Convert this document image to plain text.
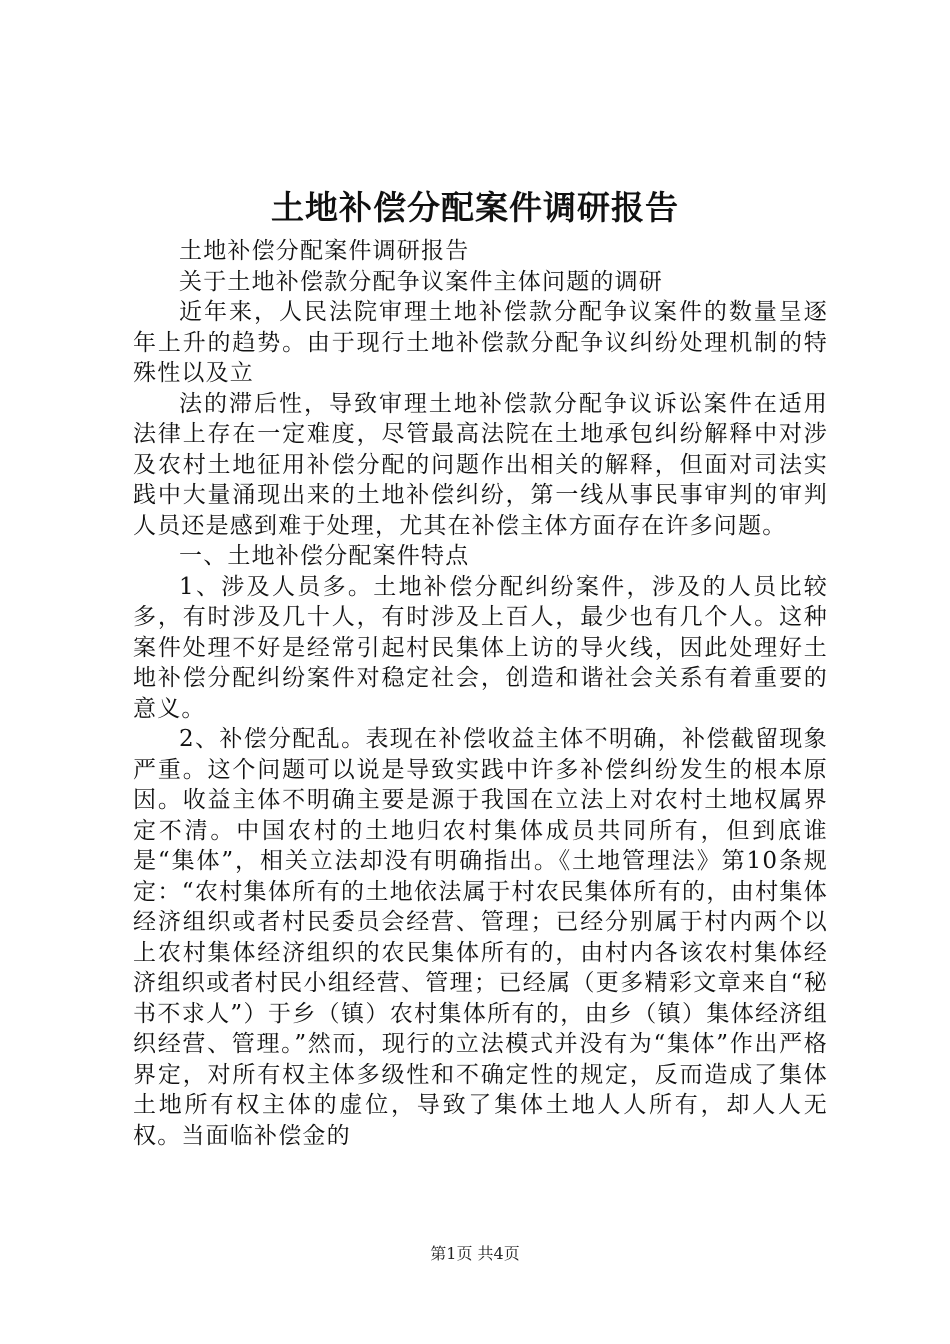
土地补偿分配案件调研报告

土地补偿分配案件调研报告

关于土地补偿款分配争议案件主体问题的调研

近年来，人民法院审理土地补偿款分配争议案件的数量呈逐年上升的趋势。由于现行土地补偿款分配争议纠纷处理机制的特殊性以及立

法的滞后性，导致审理土地补偿款分配争议诉讼案件在适用法律上存在一定难度，尽管最高法院在土地承包纠纷解释中对涉及农村土地征用补偿分配的问题作出相关的解释，但面对司法实践中大量涌现出来的土地补偿纠纷，第一线从事民事审判的审判人员还是感到难于处理，尤其在补偿主体方面存在许多问题。

一、土地补偿分配案件特点

1、涉及人员多。土地补偿分配纠纷案件，涉及的人员比较多，有时涉及几十人，有时涉及上百人，最少也有几个人。这种案件处理不好是经常引起村民集体上访的导火线，因此处理好土地补偿分配纠纷案件对稳定社会，创造和谐社会关系有着重要的意义。

2、补偿分配乱。表现在补偿收益主体不明确，补偿截留现象严重。这个问题可以说是导致实践中许多补偿纠纷发生的根本原因。收益主体不明确主要是源于我国在立法上对农村土地权属界定不清。中国农村的土地归农村集体成员共同所有，但到底谁是“集体”，相关立法却没有明确指出。《土地管理法》第10条规定：“农村集体所有的土地依法属于村农民集体所有的，由村集体经济组织或者村民委员会经营、管理；已经分别属于村内两个以上农村集体经济组织的农民集体所有的，由村内各该农村集体经济组织或者村民小组经营、管理；已经属（更多精彩文章来自“秘书不求人”）于乡（镇）农村集体所有的，由乡（镇）集体经济组织经营、管理。”然而，现行的立法模式并没有为“集体”作出严格界定，对所有权主体多级性和不确定性的规定，反而造成了集体土地所有权主体的虚位，导致了集体土地人人所有，却人人无权。当面临补偿金的

第1页 共4页
